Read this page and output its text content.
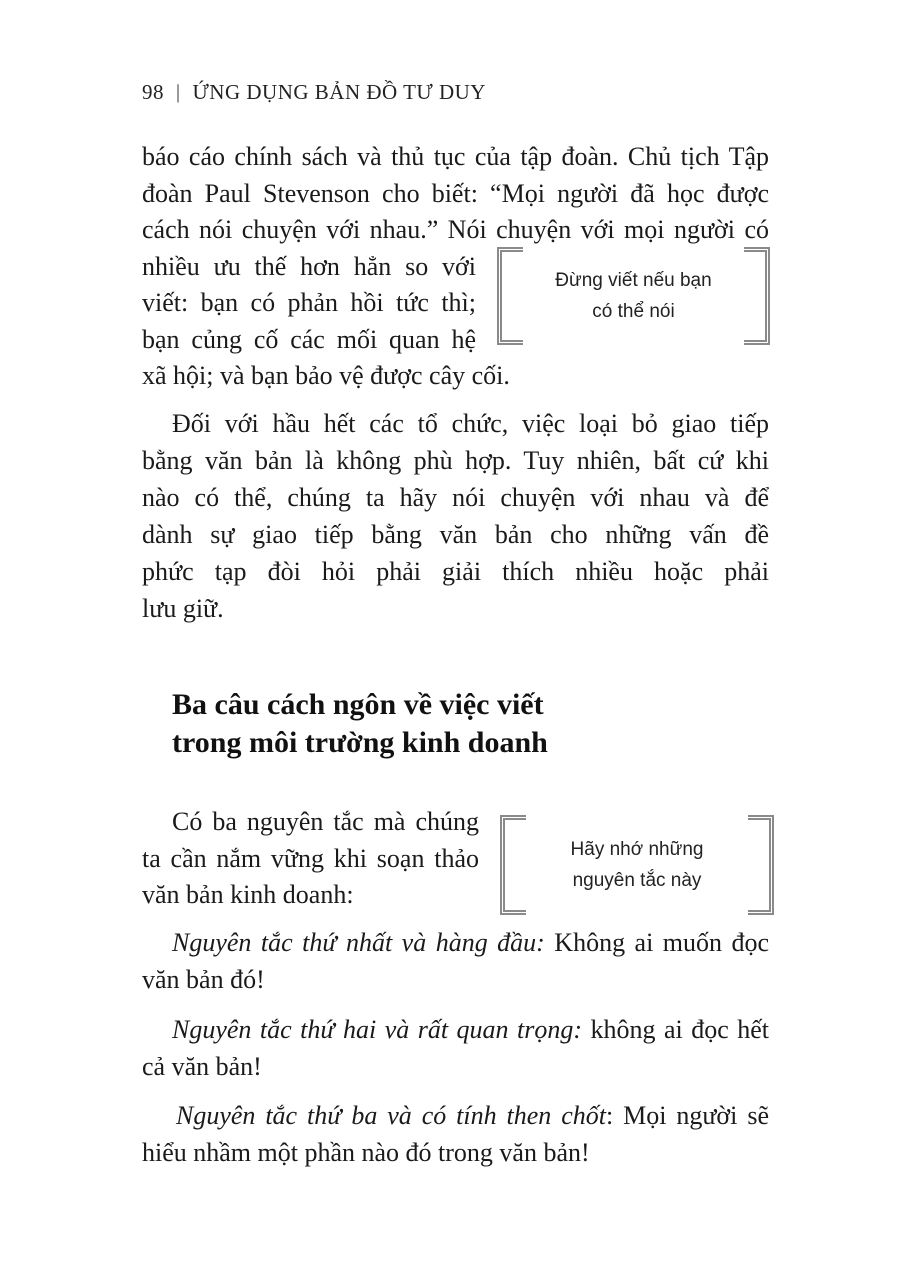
98 | ỨNG DỤNG BẢN ĐỒ TƯ DUY
báo cáo chính sách và thủ tục của tập đoàn. Chủ tịch Tập
đoàn Paul Stevenson cho biết: “Mọi người đã học được
cách nói chuyện với nhau.” Nói chuyện với mọi người có
nhiều ưu thế hơn hẳn so với
viết: bạn có phản hồi tức thì;
bạn củng cố các mối quan hệ
xã hội; và bạn bảo vệ được cây cối.
Đừng viết nếu bạn
có thể nói
Đối với hầu hết các tổ chức, việc loại bỏ giao tiếp
bằng văn bản là không phù hợp. Tuy nhiên, bất cứ khi
nào có thể, chúng ta hãy nói chuyện với nhau và để
dành sự giao tiếp bằng văn bản cho những vấn đề
phức tạp đòi hỏi phải giải thích nhiều hoặc phải
lưu giữ.
Ba câu cách ngôn về việc viết
trong môi trường kinh doanh
Có ba nguyên tắc mà chúng
ta cần nắm vững khi soạn thảo
văn bản kinh doanh:
Hãy nhớ những
nguyên tắc này
Nguyên tắc thứ nhất và hàng đầu: Không ai muốn đọc
văn bản đó!
Nguyên tắc thứ hai và rất quan trọng: không ai đọc hết
cả văn bản!
Nguyên tắc thứ ba và có tính then chốt: Mọi người sẽ
hiểu nhầm một phần nào đó trong văn bản!
